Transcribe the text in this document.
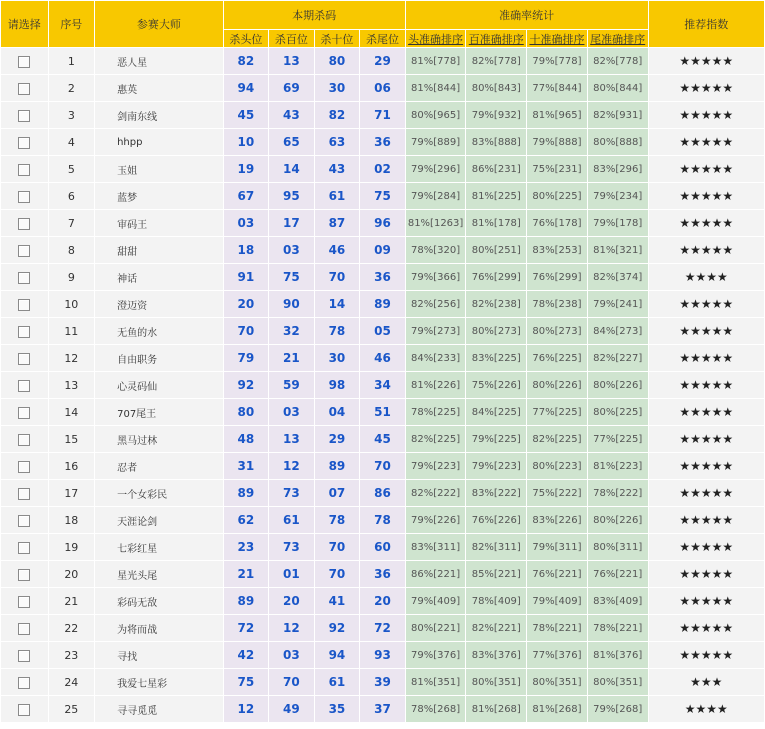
请选择	序号	参赛大师	本期杀码				准确率统计				推荐指数
			杀头位	杀百位	杀十位	杀尾位	头准确排序	百准确排序	十准确排序	尾准确排序	
	1	恶人星	82	13	80	29	81%[778]	82%[778]	79%[778]	82%[778]	★★★★★
	2	惠英	94	69	30	06	81%[844]	80%[843]	77%[844]	80%[844]	★★★★★
	3	剑南东线	45	43	82	71	80%[965]	79%[932]	81%[965]	82%[931]	★★★★★
	4	hhpp	10	65	63	36	79%[889]	83%[888]	79%[888]	80%[888]	★★★★★
	5	玉姐	19	14	43	02	79%[296]	86%[231]	75%[231]	83%[296]	★★★★★
	6	蓝梦	67	95	61	75	79%[284]	81%[225]	80%[225]	79%[234]	★★★★★
	7	审码王	03	17	87	96	81%[1263]	81%[178]	76%[178]	79%[178]	★★★★★
	8	甜甜	18	03	46	09	78%[320]	80%[251]	83%[253]	81%[321]	★★★★★
	9	神话	91	75	70	36	79%[366]	76%[299]	76%[299]	82%[374]	★★★★
	10	澄迈资	20	90	14	89	82%[256]	82%[238]	78%[238]	79%[241]	★★★★★
	11	无鱼的水	70	32	78	05	79%[273]	80%[273]	80%[273]	84%[273]	★★★★★
	12	自由职务	79	21	30	46	84%[233]	83%[225]	76%[225]	82%[227]	★★★★★
	13	心灵码仙	92	59	98	34	81%[226]	75%[226]	80%[226]	80%[226]	★★★★★
	14	707尾王	80	03	04	51	78%[225]	84%[225]	77%[225]	80%[225]	★★★★★
	15	黑马过林	48	13	29	45	82%[225]	79%[225]	82%[225]	77%[225]	★★★★★
	16	忍者	31	12	89	70	79%[223]	79%[223]	80%[223]	81%[223]	★★★★★
	17	一个女彩民	89	73	07	86	82%[222]	83%[222]	75%[222]	78%[222]	★★★★★
	18	天涯论剑	62	61	78	78	79%[226]	76%[226]	83%[226]	80%[226]	★★★★★
	19	七彩红星	23	73	70	60	83%[311]	82%[311]	79%[311]	80%[311]	★★★★★
	20	星光头尾	21	01	70	36	86%[221]	85%[221]	76%[221]	76%[221]	★★★★★
	21	彩码无敌	89	20	41	20	79%[409]	78%[409]	79%[409]	83%[409]	★★★★★
	22	为将而战	72	12	92	72	80%[221]	82%[221]	78%[221]	78%[221]	★★★★★
	23	寻找	42	03	94	93	79%[376]	83%[376]	77%[376]	81%[376]	★★★★★
	24	我爱七星彩	75	70	61	39	81%[351]	80%[351]	80%[351]	80%[351]	★★★
	25	寻寻觅觅	12	49	35	37	78%[268]	81%[268]	81%[268]	79%[268]	★★★★
